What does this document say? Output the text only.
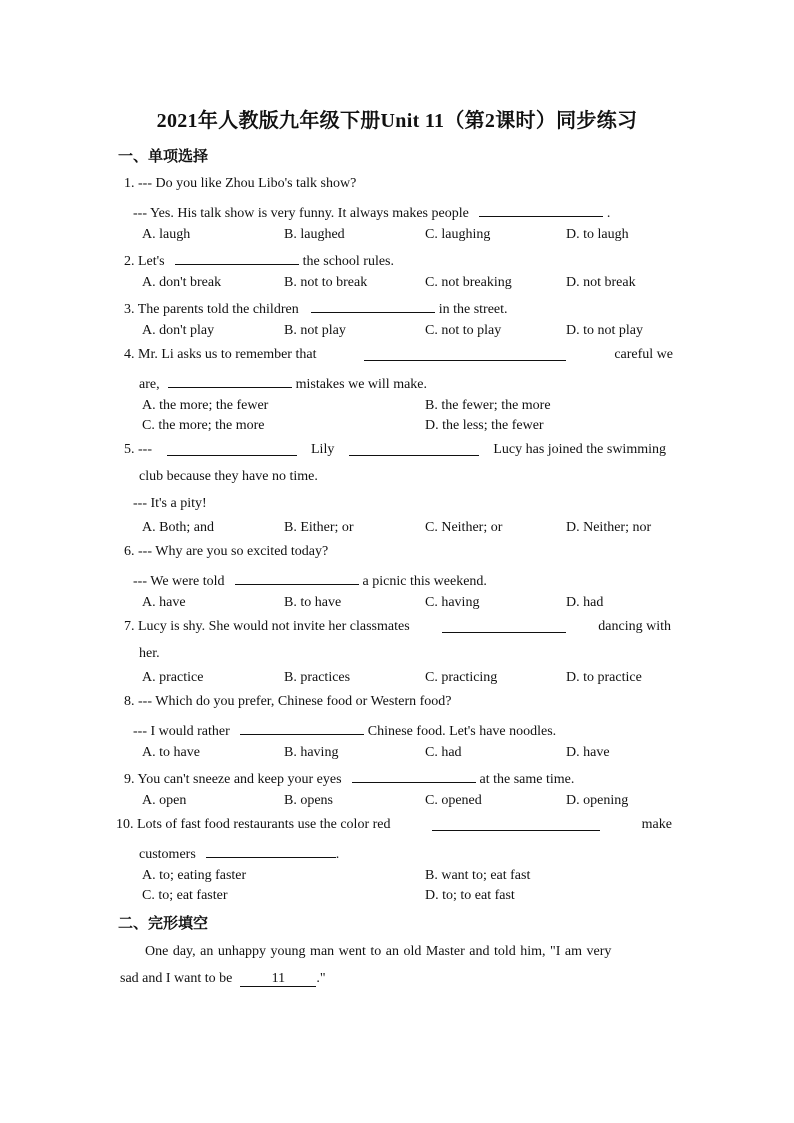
2021年人教版九年级下册Unit 11（第2课时）同步练习
一、单项选择
1. --- Do you like Zhou Libo's talk show?
--- Yes. His talk show is very funny. It always makes people	.
A. laugh	B. laughed	C. laughing	D. to laugh
2. Let's	the school rules.
A. don't break	B. not to break	C. not breaking	D. not break
3. The parents told the children	in the street.
A. don't play	B. not play	C. not to play	D. to not play
4. Mr. Li asks us to remember that	careful we
are,	mistakes we will make.
A. the more; the fewer	B. the fewer; the more
C. the more; the more	D. the less; the fewer
5. ---	Lily	Lucy has joined the swimming
club because they have no time.
--- It's a pity!
A. Both; and	B. Either; or	C. Neither; or	D. Neither; nor
6. --- Why are you so excited today?
--- We were told	a picnic this weekend.
A. have	B. to have	C. having	D. had
7. Lucy is shy. She would not invite her classmates	dancing with
her.
A. practice	B. practices	C. practicing	D. to practice
8. --- Which do you prefer, Chinese food or Western food?
--- I would rather	Chinese food. Let's have noodles.
A. to have	B. having	C. had	D. have
9. You can't sneeze and keep your eyes	at the same time.
A. open	B. opens	C. opened	D. opening
10. Lots of fast food restaurants use the color red	make
customers	.
A. to; eating faster	B. want to; eat fast
C. to; eat faster	D. to; to eat fast
二、完形填空
One day, an unhappy young man went to an old Master and told him, "I am very
sad and I want to be	11 ."
